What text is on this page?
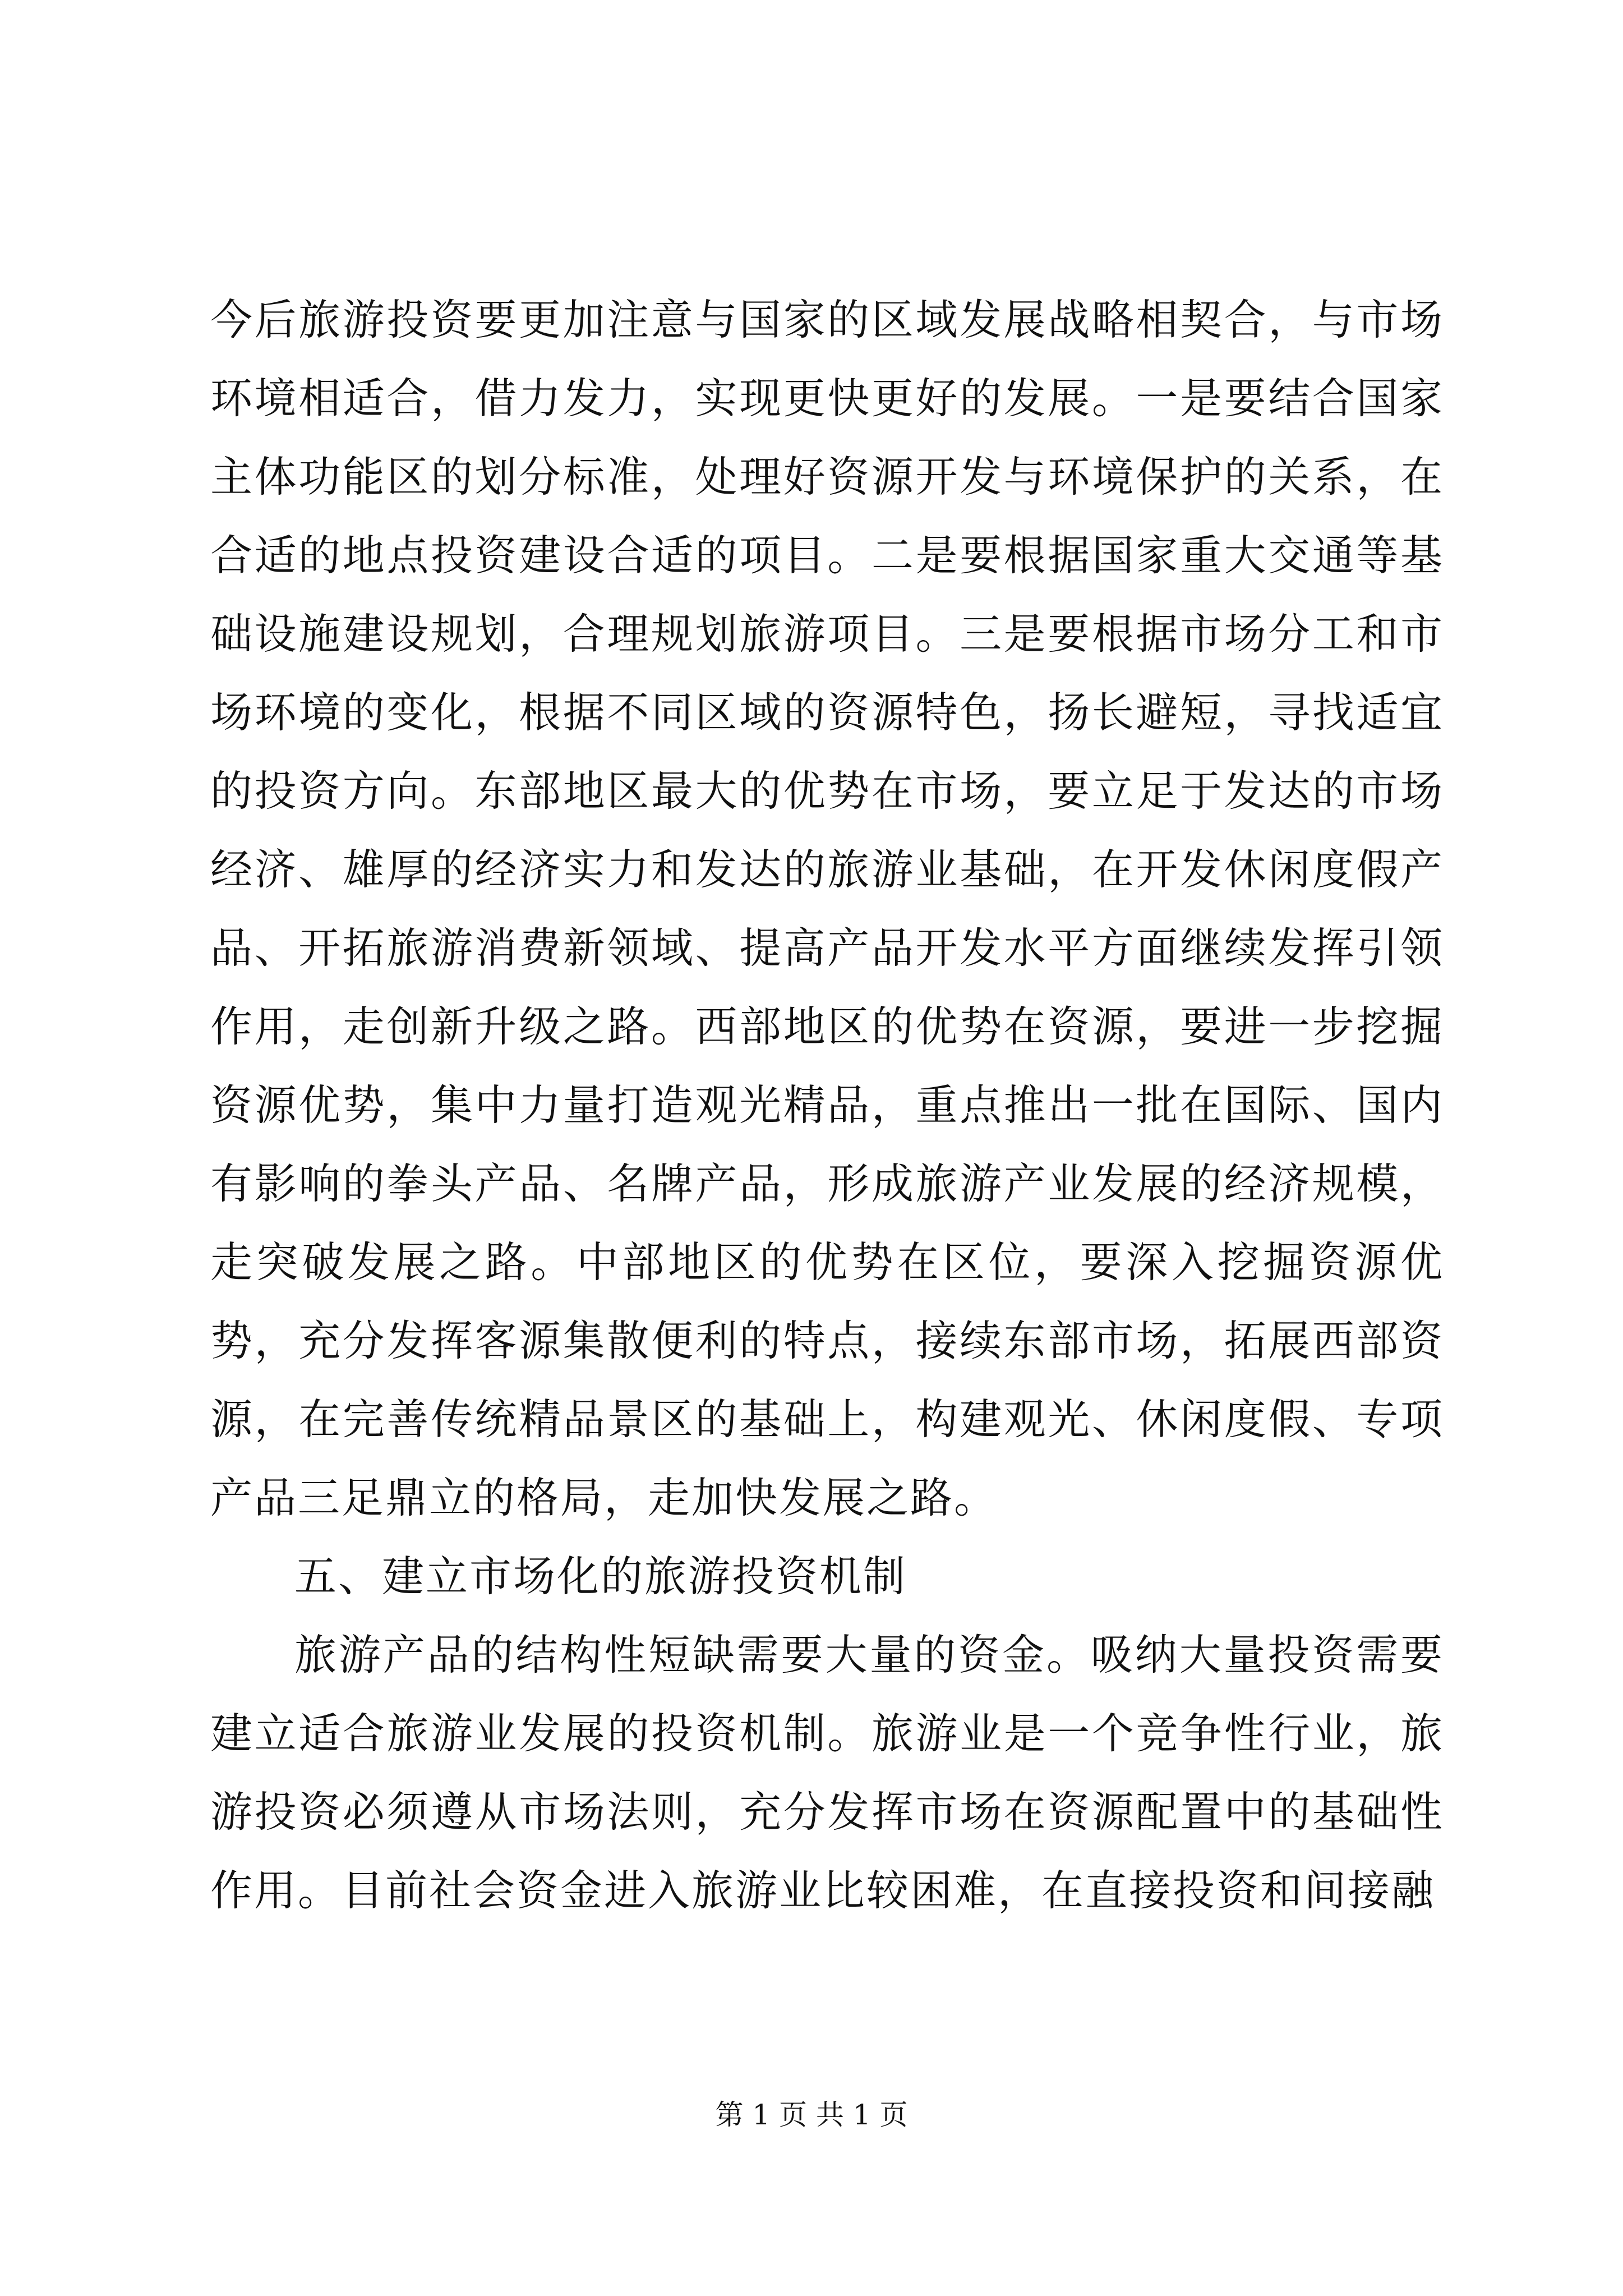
今后旅游投资要更加注意与国家的区域发展战略相契合，与市场环境相适合，借力发力，实现更快更好的发展。一是要结合国家主体功能区的划分标准，处理好资源开发与环境保护的关系，在合适的地点投资建设合适的项目。二是要根据国家重大交通等基础设施建设规划，合理规划旅游项目。三是要根据市场分工和市场环境的变化，根据不同区域的资源特色，扬长避短，寻找适宜的投资方向。东部地区最大的优势在市场，要立足于发达的市场经济、雄厚的经济实力和发达的旅游业基础，在开发休闲度假产品、开拓旅游消费新领域、提高产品开发水平方面继续发挥引领作用，走创新升级之路。西部地区的优势在资源，要进一步挖掘资源优势，集中力量打造观光精品，重点推出一批在国际、国内有影响的拳头产品、名牌产品，形成旅游产业发展的经济规模，走突破发展之路。中部地区的优势在区位，要深入挖掘资源优势，充分发挥客源集散便利的特点，接续东部市场，拓展西部资源，在完善传统精品景区的基础上，构建观光、休闲度假、专项产品三足鼎立的格局，走加快发展之路。

五、建立市场化的旅游投资机制

旅游产品的结构性短缺需要大量的资金。吸纳大量投资需要建立适合旅游业发展的投资机制。旅游业是一个竞争性行业，旅游投资必须遵从市场法则，充分发挥市场在资源配置中的基础性作用。目前社会资金进入旅游业比较困难，在直接投资和间接融

第 1 页 共 1 页
